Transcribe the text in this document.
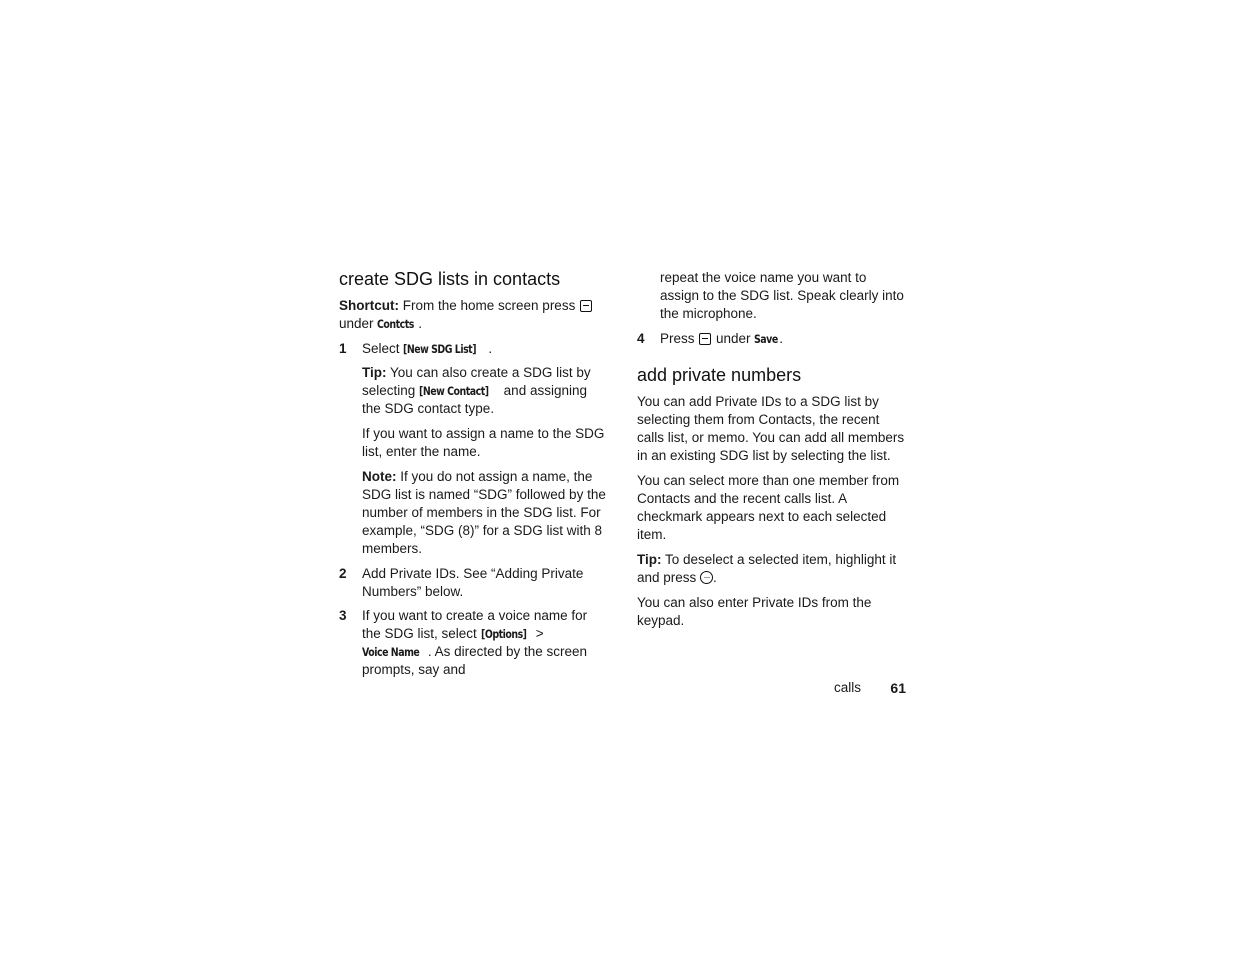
create SDG lists in contacts

Shortcut: From the home screen press  under Contcts .

1 Select [New SDG List] .

Tip: You can also create a SDG list by selecting [New Contact] and assigning the SDG contact type.

If you want to assign a name to the SDG list, enter the name.

Note: If you do not assign a name, the SDG list is named “SDG” followed by the number of members in the SDG list. For example, “SDG (8)” for a SDG list with 8 members.

2 Add Private IDs. See “Adding Private Numbers” below.
3 If you want to create a voice name for the SDG list, select [Options] > Voice Name . As directed by the screen prompts, say and

repeat the voice name you want to assign to the SDG list. Speak clearly into the microphone.

4 Press  under Save.
add private numbers

You can add Private IDs to a SDG list by selecting them from Contacts, the recent calls list, or memo. You can add all members in an existing SDG list by selecting the list.

You can select more than one member from Contacts and the recent calls list. A checkmark appears next to each selected item.

Tip: To deselect a selected item, highlight it and press ···.

You can also enter Private IDs from the keypad.

calls 61
